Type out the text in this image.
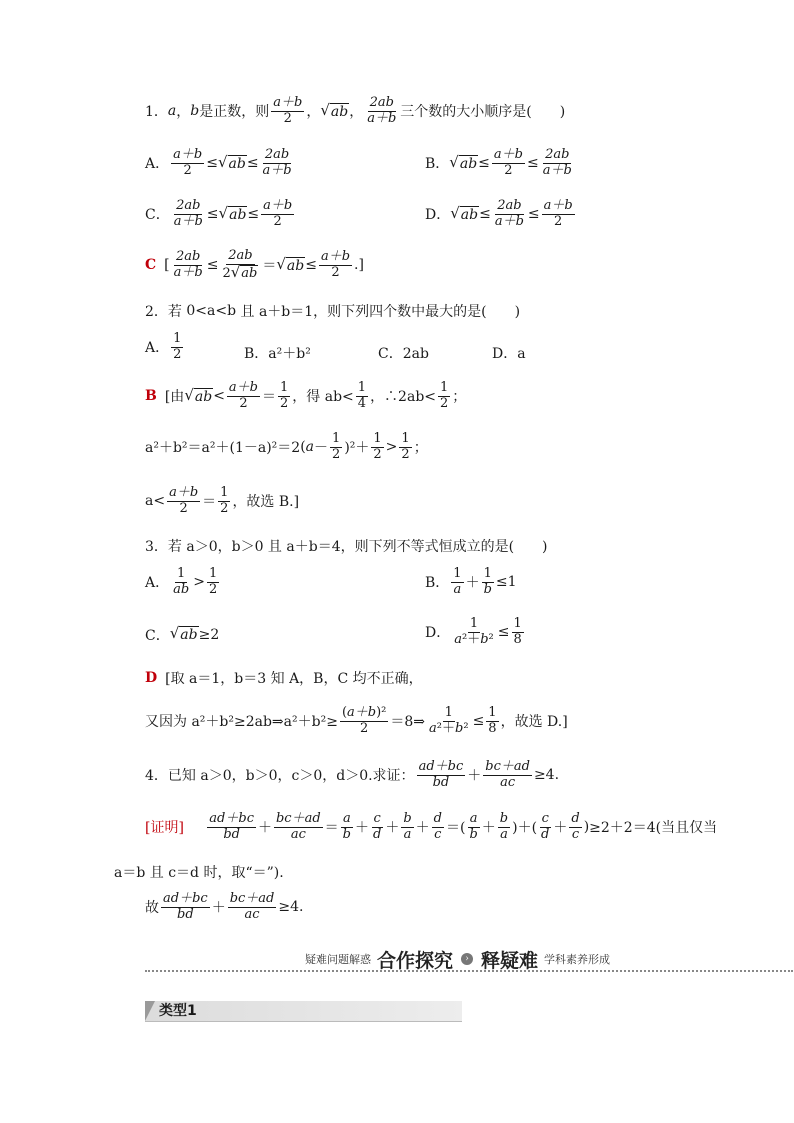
1． a ， b 是正数，则 $\frac{a+b}{2}$ ， √ ab ， $\frac{2ab}{a+b}$ 三个数的大小顺序是(　　)
A． $\frac{a+b}{2}$ ≤ √ ab ≤ $\frac{2ab}{a+b}$	B． √ ab ≤ $\frac{a+b}{2} \le \frac{2ab}{a+b}$
C． $\frac{2ab}{a+b}$ ≤ √ ab ≤ $\frac{a+b}{2}$	D． √ ab ≤ $\frac{2ab}{a+b} \le \frac{a+b}{2}$
C [ $\frac{2ab}{a+b} \le \frac{2ab}{2 √ ab}$ ＝ √ ab ≤ $\frac{a+b}{2}$ .]
2．若
0<a<b
且 a＋b＝1，则下列四个数中最大的是(　　)
A． $\frac{1}{2}$	B．a²＋b²	C．2ab	D．a
B [由 √ ab < $\frac{a+b}{2} = \frac{1}{2}$ ，得 $ab< \frac{1}{4}$ ，∴2ab< $\frac{1}{2}$ ；
a²＋b²＝a²＋(1－a)²＝2 ( $a - \frac{1}{2} )^2+ \frac{1}{2} > \frac{1}{2}$ ；
$a< \frac{a+b}{2} = \frac{1}{2}$ ，故选 B.]
3．若 a＞0，b＞0 且 a＋b＝4，则下列不等式恒成立的是(　　)
A． $\frac{1}{ab} > \frac{1}{2}$	B． $\frac{1}{a} + \frac{1}{b} \le 1$
C． √ ab ≥2	D． $\frac{1}{\text{a²＋b²}} \le \frac{1}{8}$
D [取 a＝1，b＝3 知 A，B，C 均不正确，
又因为 a²＋b²≥2ab⇒a²＋b²≥ $\frac{\text{(a＋b)²}}{2}$ ＝8⇒ $\frac{1}{\text{a²＋b²}} \le \frac{1}{8}$ ，故选 D.]
4．已知 a＞0，b＞0，c＞0，d＞0.求证： $\frac{ad+bc}{bd} + \frac{bc+ad}{ac} \ge 4$.
[证明]
$\frac{ad+bc}{bd} + \frac{bc+ad}{ac} = \frac{a}{b} + \frac{c}{d} + \frac{b}{a} + \frac{d}{c}$ ＝( $\frac{a}{b} + \frac{b}{a}$ )＋( $\frac{c}{d} + \frac{d}{c}$ ) ≥2＋2＝4(当且仅当
a＝b 且 c＝d 时，取“＝”).
故 $\frac{ad+bc}{bd} + \frac{bc+ad}{ac} \ge 4$.
疑难问题解惑 合作探究	› 释疑难 学科素养形成
类型1
